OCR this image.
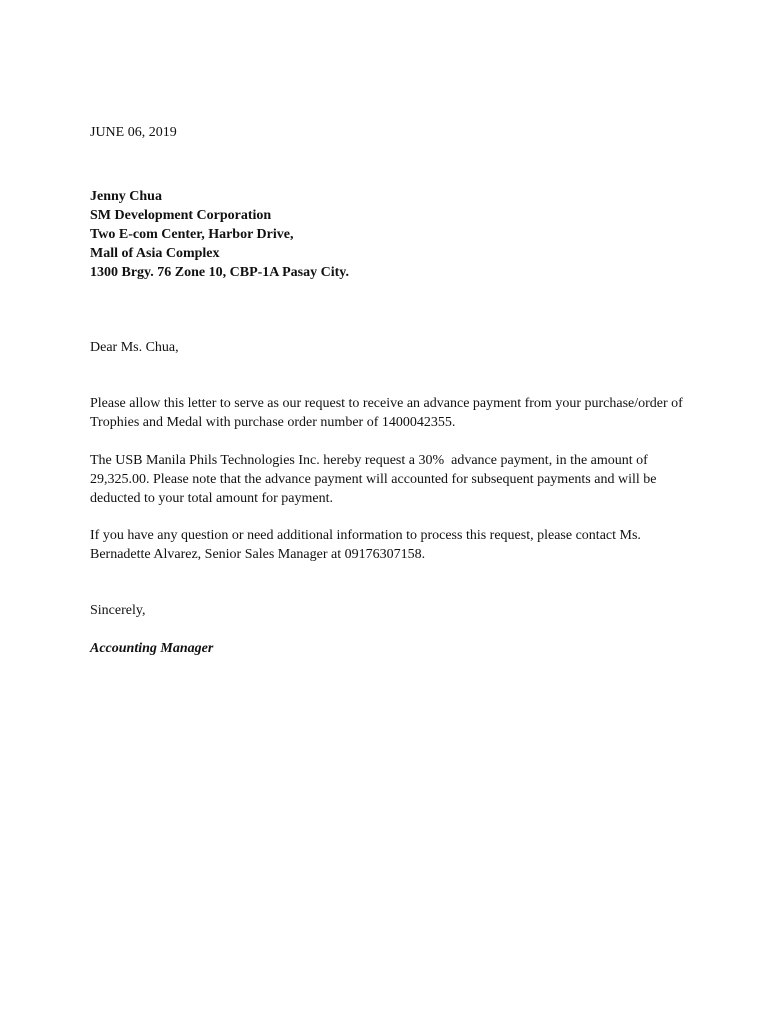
JUNE 06, 2019
Jenny Chua
SM Development Corporation
Two E-com Center, Harbor Drive,
Mall of Asia Complex
1300 Brgy. 76 Zone 10, CBP-1A Pasay City.
Dear Ms. Chua,
Please allow this letter to serve as our request to receive an advance payment from your purchase/order of
Trophies and Medal with purchase order number of 1400042355.
The USB Manila Phils Technologies Inc. hereby request a 30%  advance payment, in the amount of
29,325.00. Please note that the advance payment will accounted for subsequent payments and will be
deducted to your total amount for payment.
If you have any question or need additional information to process this request, please contact Ms.
Bernadette Alvarez, Senior Sales Manager at 09176307158.
Sincerely,
Accounting Manager
